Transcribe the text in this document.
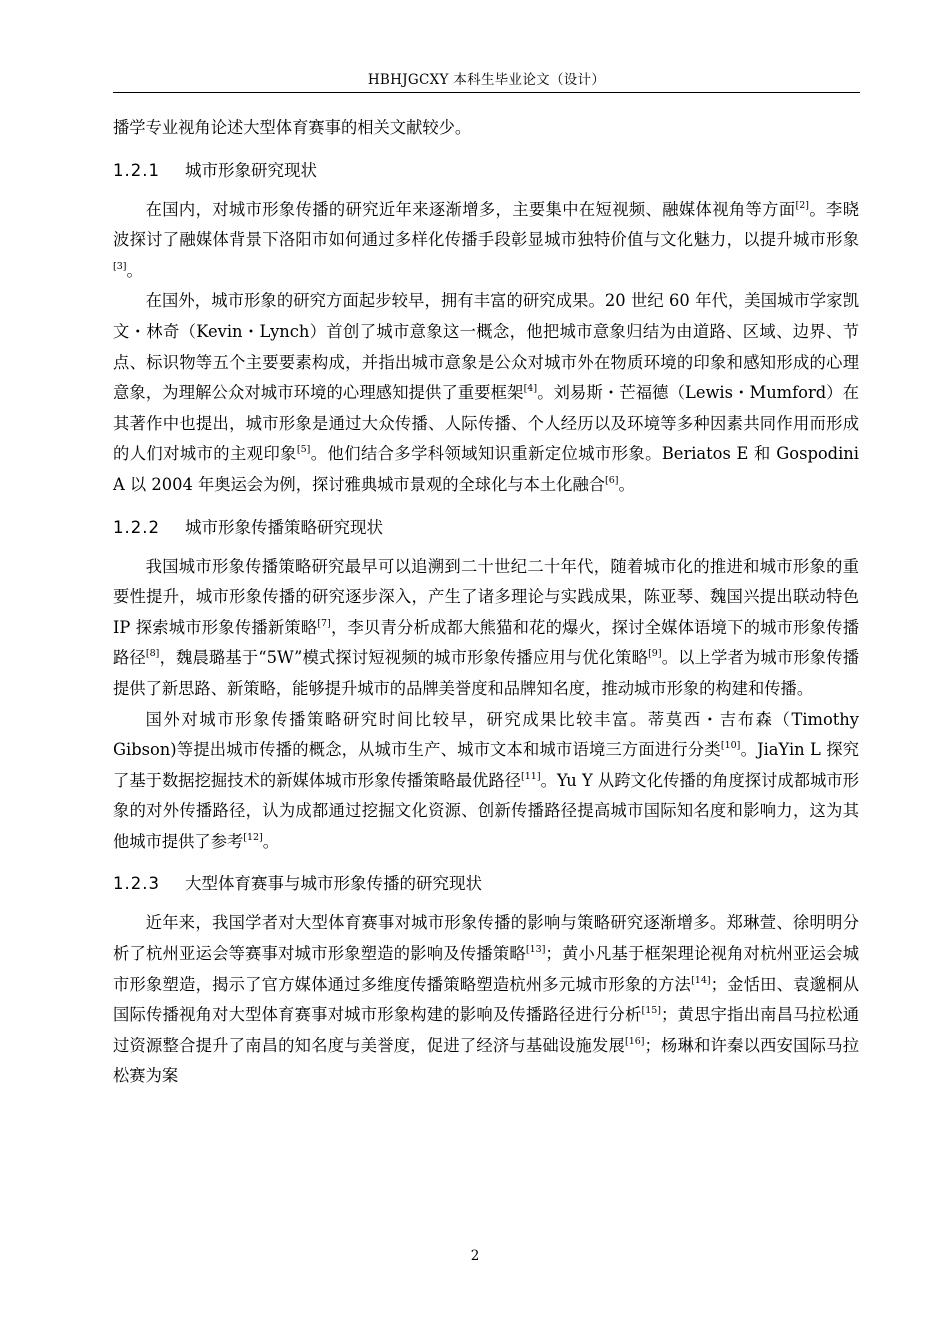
HBHJGCXY 本科生毕业论文（设计）

播学专业视角论述大型体育赛事的相关文献较少。

1.2.1 城市形象研究现状

在国内，对城市形象传播的研究近年来逐渐增多，主要集中在短视频、融媒体视角等方面[2]。李晓波探讨了融媒体背景下洛阳市如何通过多样化传播手段彰显城市独特价值与文化魅力，以提升城市形象[3]。

在国外，城市形象的研究方面起步较早，拥有丰富的研究成果。20 世纪 60 年代，美国城市学家凯文・林奇（Kevin・Lynch）首创了城市意象这一概念，他把城市意象归结为由道路、区域、边界、节点、标识物等五个主要要素构成，并指出城市意象是公众对城市外在物质环境的印象和感知形成的心理意象，为理解公众对城市环境的心理感知提供了重要框架[4]。刘易斯・芒福德（Lewis・Mumford）在其著作中也提出，城市形象是通过大众传播、人际传播、个人经历以及环境等多种因素共同作用而形成的人们对城市的主观印象[5]。他们结合多学科领域知识重新定位城市形象。Beriatos E 和 Gospodini A 以 2004 年奥运会为例，探讨雅典城市景观的全球化与本土化融合[6]。

1.2.2 城市形象传播策略研究现状

我国城市形象传播策略研究最早可以追溯到二十世纪二十年代，随着城市化的推进和城市形象的重要性提升，城市形象传播的研究逐步深入，产生了诸多理论与实践成果，陈亚琴、魏国兴提出联动特色 IP 探索城市形象传播新策略[7]，李贝青分析成都大熊猫和花的爆火，探讨全媒体语境下的城市形象传播路径[8]，魏晨璐基于“5W”模式探讨短视频的城市形象传播应用与优化策略[9]。以上学者为城市形象传播提供了新思路、新策略，能够提升城市的品牌美誉度和品牌知名度，推动城市形象的构建和传播。

国外对城市形象传播策略研究时间比较早，研究成果比较丰富。蒂莫西・吉布森（Timothy Gibson)等提出城市传播的概念，从城市生产、城市文本和城市语境三方面进行分类[10]。JiaYin L 探究了基于数据挖掘技术的新媒体城市形象传播策略最优路径[11]。Yu Y 从跨文化传播的角度探讨成都城市形象的对外传播路径，认为成都通过挖掘文化资源、创新传播路径提高城市国际知名度和影响力，这为其他城市提供了参考[12]。

1.2.3 大型体育赛事与城市形象传播的研究现状

近年来，我国学者对大型体育赛事对城市形象传播的影响与策略研究逐渐增多。郑琳萱、徐明明分析了杭州亚运会等赛事对城市形象塑造的影响及传播策略[13]；黄小凡基于框架理论视角对杭州亚运会城市形象塑造，揭示了官方媒体通过多维度传播策略塑造杭州多元城市形象的方法[14]；金恬田、袁邈桐从国际传播视角对大型体育赛事对城市形象构建的影响及传播路径进行分析[15]；黄思宇指出南昌马拉松通过资源整合提升了南昌的知名度与美誉度，促进了经济与基础设施发展[16]；杨琳和许秦以西安国际马拉松赛为案

2
